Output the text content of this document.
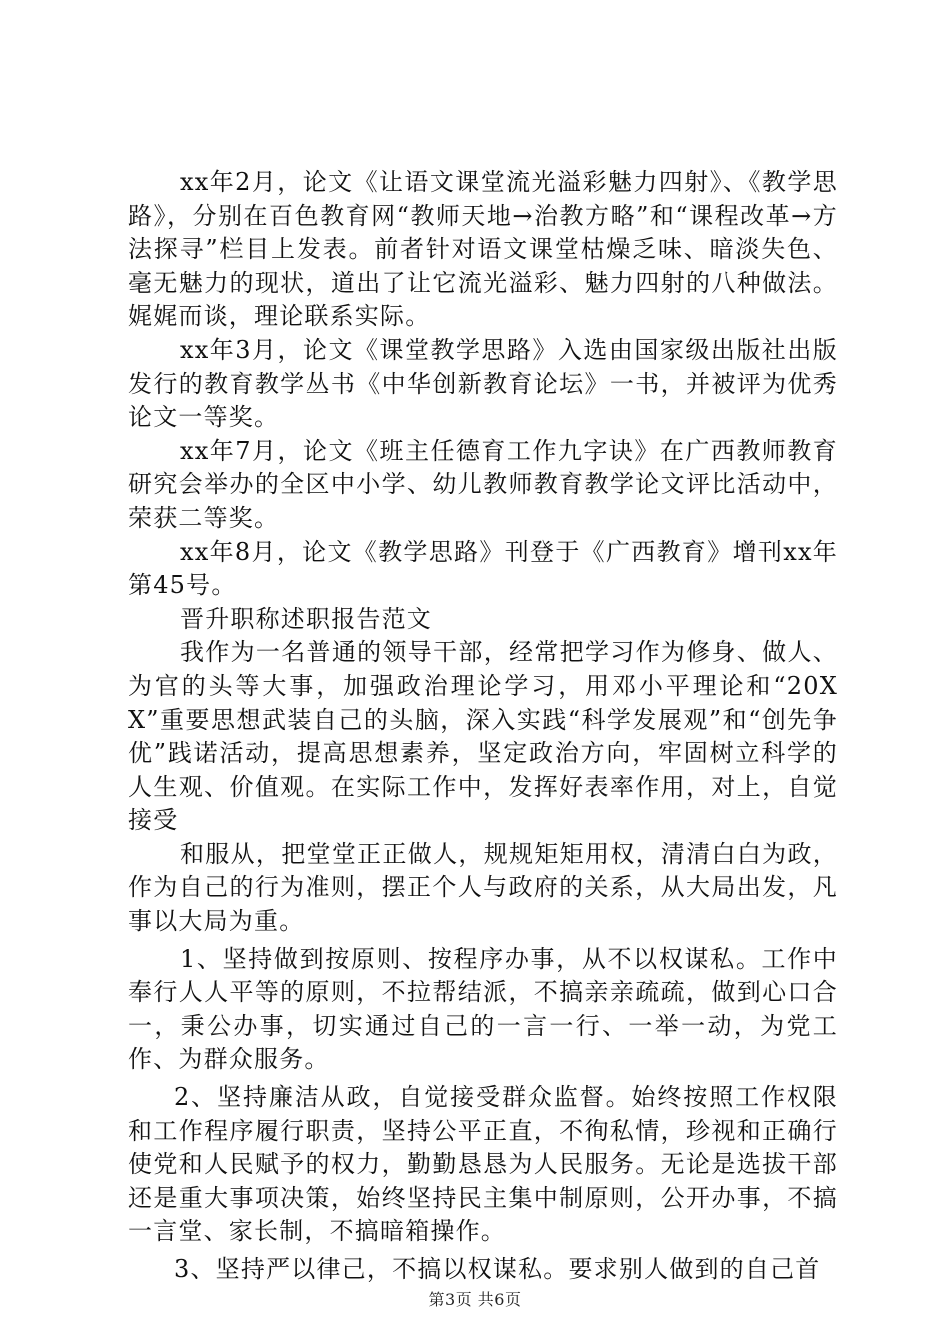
xx年2月，论文《让语文课堂流光溢彩魅力四射》、《教学思路》，分别在百色教育网“教师天地→治教方略”和“课程改革→方法探寻”栏目上发表。前者针对语文课堂枯燥乏味、暗淡失色、毫无魅力的现状，道出了让它流光溢彩、魅力四射的八种做法。娓娓而谈，理论联系实际。

xx年3月，论文《课堂教学思路》入选由国家级出版社出版发行的教育教学丛书《中华创新教育论坛》一书，并被评为优秀论文一等奖。

xx年7月，论文《班主任德育工作九字诀》在广西教师教育研究会举办的全区中小学、幼儿教师教育教学论文评比活动中，荣获二等奖。

xx年8月，论文《教学思路》刊登于《广西教育》增刊xx年第45号。

晋升职称述职报告范文

我作为一名普通的领导干部，经常把学习作为修身、做人、为官的头等大事，加强政治理论学习，用邓小平理论和“20XX”重要思想武装自己的头脑，深入实践“科学发展观”和“创先争优”践诺活动，提高思想素养，坚定政治方向，牢固树立科学的人生观、价值观。在实际工作中，发挥好表率作用，对上，自觉接受

和服从，把堂堂正正做人，规规矩矩用权，清清白白为政，作为自己的行为准则，摆正个人与政府的关系，从大局出发，凡事以大局为重。

1、坚持做到按原则、按程序办事，从不以权谋私。工作中奉行人人平等的原则，不拉帮结派，不搞亲亲疏疏，做到心口合一，秉公办事，切实通过自己的一言一行、一举一动，为党工作、为群众服务。

2、坚持廉洁从政，自觉接受群众监督。始终按照工作权限和工作程序履行职责，坚持公平正直，不徇私情，珍视和正确行使党和人民赋予的权力，勤勤恳恳为人民服务。无论是选拔干部还是重大事项决策，始终坚持民主集中制原则，公开办事，不搞一言堂、家长制，不搞暗箱操作。

3、坚持严以律己，不搞以权谋私。要求别人做到的自己首

第3页 共6页
